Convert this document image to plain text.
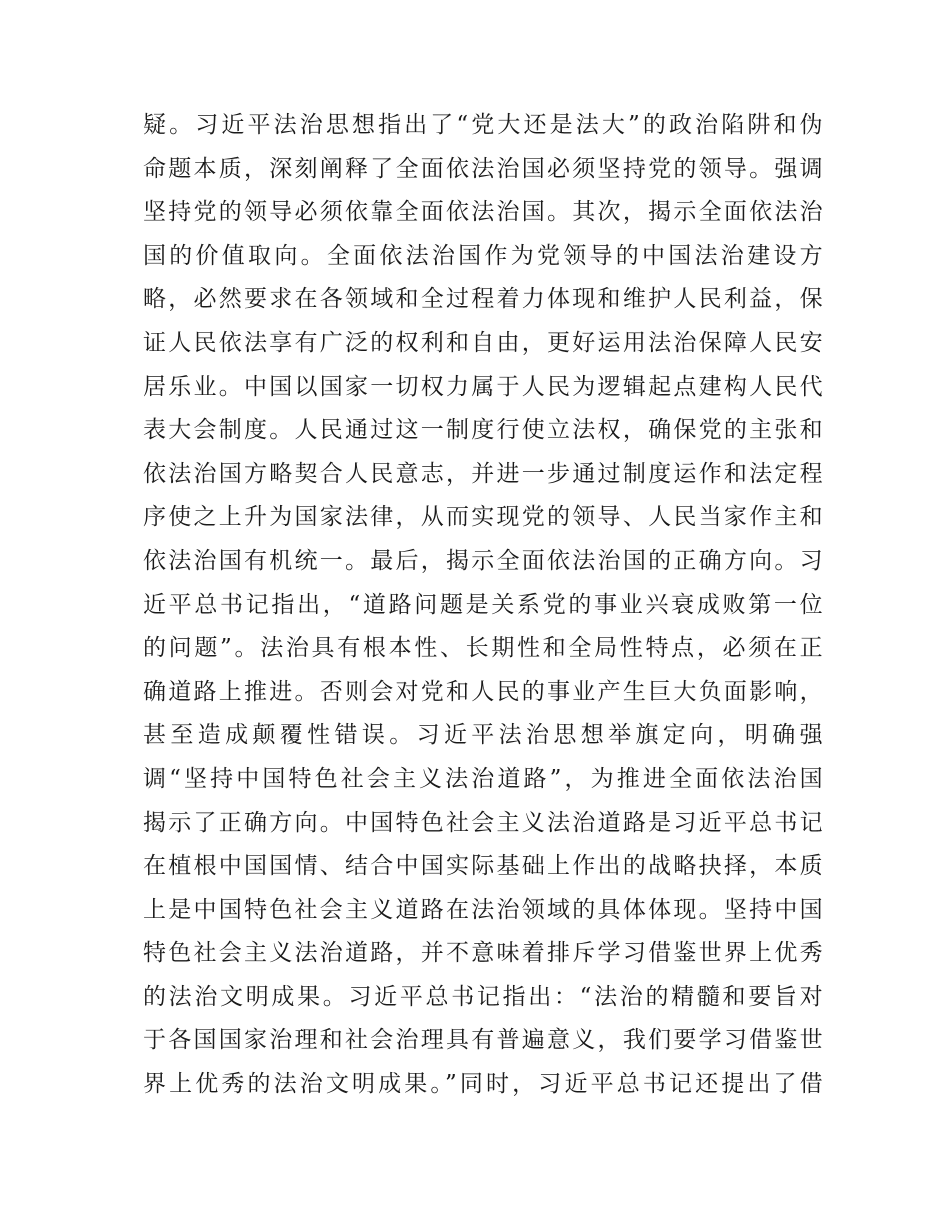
疑。习近平法治思想指出了“党大还是法大”的政治陷阱和伪
命题本质，深刻阐释了全面依法治国必须坚持党的领导。强调
坚持党的领导必须依靠全面依法治国。其次，揭示全面依法治
国的价值取向。全面依法治国作为党领导的中国法治建设方
略，必然要求在各领域和全过程着力体现和维护人民利益，保
证人民依法享有广泛的权利和自由，更好运用法治保障人民安
居乐业。中国以国家一切权力属于人民为逻辑起点建构人民代
表大会制度。人民通过这一制度行使立法权，确保党的主张和
依法治国方略契合人民意志，并进一步通过制度运作和法定程
序使之上升为国家法律，从而实现党的领导、人民当家作主和
依法治国有机统一。最后，揭示全面依法治国的正确方向。习
近平总书记指出，“道路问题是关系党的事业兴衰成败第一位
的问题”。法治具有根本性、长期性和全局性特点，必须在正
确道路上推进。否则会对党和人民的事业产生巨大负面影响，
甚至造成颠覆性错误。习近平法治思想举旗定向，明确强
调“坚持中国特色社会主义法治道路”，为推进全面依法治国
揭示了正确方向。中国特色社会主义法治道路是习近平总书记
在植根中国国情、结合中国实际基础上作出的战略抉择，本质
上是中国特色社会主义道路在法治领域的具体体现。坚持中国
特色社会主义法治道路，并不意味着排斥学习借鉴世界上优秀
的法治文明成果。习近平总书记指出：“法治的精髓和要旨对
于各国国家治理和社会治理具有普遍意义，我们要学习借鉴世
界上优秀的法治文明成果。”同时，习近平总书记还提出了借
